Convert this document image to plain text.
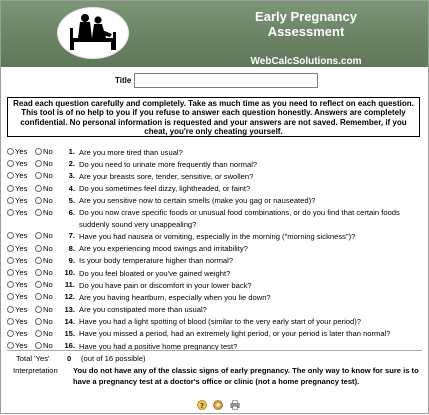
Early Pregnancy
Assessment
WebCalcSolutions.com
Title
Read each question carefully and completely. Take as much time as you need to reflect on each question. This tool is of no help to you if you refuse to answer each question honestly. Answers are completely confidential. No personal information is requested and your answers are not saved. Remember, if you cheat, you're only cheating yourself.
Yes	No	1. Are you more tired than usual?
Yes	No	2. Do you need to urinate more frequently than normal?
Yes	No	3. Are your breasts sore, tender, sensitive, or swollen?
Yes	No	4. Do you sometimes feel dizzy, lightheaded, or faint?
Yes	No	5. Are you sensitive now to certain smells (make you gag or nauseated)?
Yes	No	6. Do you now crave specific foods or unusual food combinations, or do you find that certain foods suddenly sound very unappealing?
Yes	No	7. Have you had nausea or vomiting, especially in the morning ("morning sickness")?
Yes	No	8. Are you experiencing mood swings and irritability?
Yes	No	9. Is your body temperature higher than normal?
Yes	No 10. Do you feel bloated or you've gained weight?
Yes	No 11. Do you have pain or discomfort in your lower back?
Yes	No 12. Are you having heartburn, especially when you lie down?
Yes	No 13. Are you constipated more than usual?
Yes	No 14. Have you had a light spotting of blood (similar to the very early start of your period)?
Yes	No 15. Have you missed a period, had an extremely light period, or your period is later than normal?
Yes	No 16. Have you had a positive home pregnancy test?
Total 'Yes' 0 (out of 16 possible)
Interpretation You do not have any of the classic signs of early pregnancy. The only way to know for sure is to have a pregnancy test at a doctor's office or clinic (not a home pregnancy test).
?
